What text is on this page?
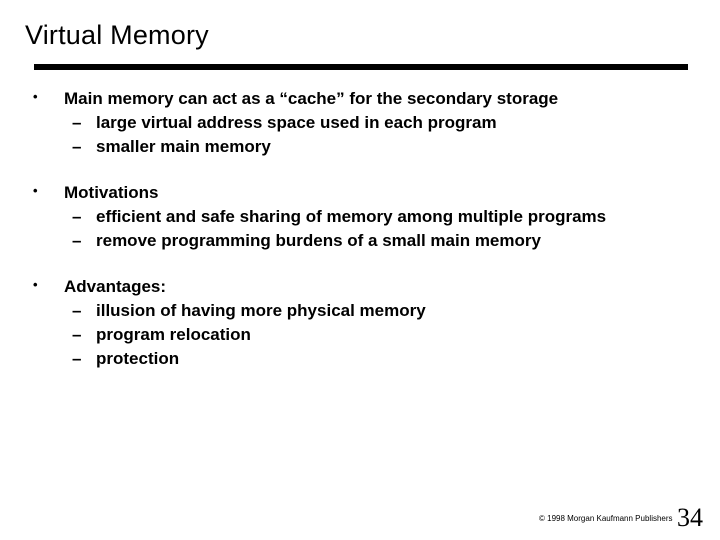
Virtual Memory
• Main memory can act as a “cache” for the secondary storage
– large virtual address space used in each program
– smaller main memory
• Motivations
– efficient and safe sharing of memory among multiple programs
– remove programming burdens of a small main memory
• Advantages:
– illusion of having more physical memory
– program relocation
– protection
© 1998 Morgan Kaufmann Publishers 34
